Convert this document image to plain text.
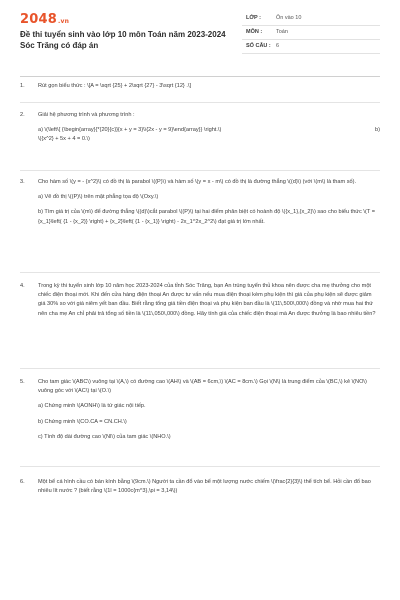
2048.vn
Đề thi tuyển sinh vào lớp 10 môn Toán năm 2023-2024 Sóc Trăng có đáp án
LỚP :	Ôn vào 10
MÔN :	Toán
SỐ CÂU : 6
1. Rút gọn biểu thức : \[A = \sqrt {25} + 2\sqrt {27} - 3\sqrt {12} .\]

2. Giải hệ phương trình và phương trình :

a) \(\left\{ {\begin{array}{*{20}{c}}{x + y = 3}\\{2x - y = 9}\end{array}} \right.\)	b)

\({x^2} + 5x + 4 = 0.\)

3. Cho hàm số \(y = - {x^2}\) có đồ thị là parabol \((P)\) và hàm số \(y = x - m\) có đồ thị là đường thẳng \((d)\) (với \(m\) là tham số).

a) Vẽ đồ thị \((P)\) trên mặt phẳng tọa độ \(Oxy.\)

b) Tìm giá trị của \(m\) để đường thẳng \((d)\)cắt parabol \((P)\) tại hai điểm phân biệt có hoành độ \({x_1},{x_2}\) sao cho biểu thức \(T = {x_1}\left( {1 - {x_2}} \right) + {x_2}\left( {1 - {x_1}} \right) - 2x_1^2x_2^2\) đạt giá trị lớn nhất.

4. Trong kỳ thi tuyển sinh lớp 10 năm học 2023-2024 của tỉnh Sóc Trăng, bạn An trúng tuyển thủ khoa nên được cha mẹ thưởng cho một chiếc điện thoại mới. Khi đến cửa hàng điện thoại An được tư vấn nếu mua điện thoại kèm phụ kiện thì giá của phụ kiện sẽ được giảm giá 30% so với giá niêm yết ban đầu. Biết rằng tổng giá tiền điện thoại và phụ kiện ban đầu là \(11\,500\,000\) đồng và nhờ mua hai thứ nên cha mẹ An chỉ phải trả tổng số tiền là \(11\,050\,000\) đồng. Hãy tính giá của chiếc điện thoại mà An được thưởng là bao nhiêu tiền?

5. Cho tam giác \(ABC\) vuông tại \(A,\) có đường cao \(AH\) và \(AB = 6cm,\) \(AC = 8cm.\) Gọi \(N\) là trung điểm của \(BC,\) kẻ \(NO\) vuông góc với \(AC\) tại \(O.\)

a) Chứng minh \(AONH\) là tứ giác nội tiếp.

b) Chứng minh \(CO.CA = CN.CH.\)

c) Tính độ dài đường cao \(NI\) của tam giác \(NHO.\)

6. Một bể cá hình cầu có bán kính bằng \(9cm.\) Người ta cần đổ vào bể một lượng nước chiếm \(\frac{2}{3}\) thể tích bể. Hỏi cần đổ bao nhiêu lít nước ? (biết rằng \(1l = 1000c{m^3},\pi = 3,14\))
